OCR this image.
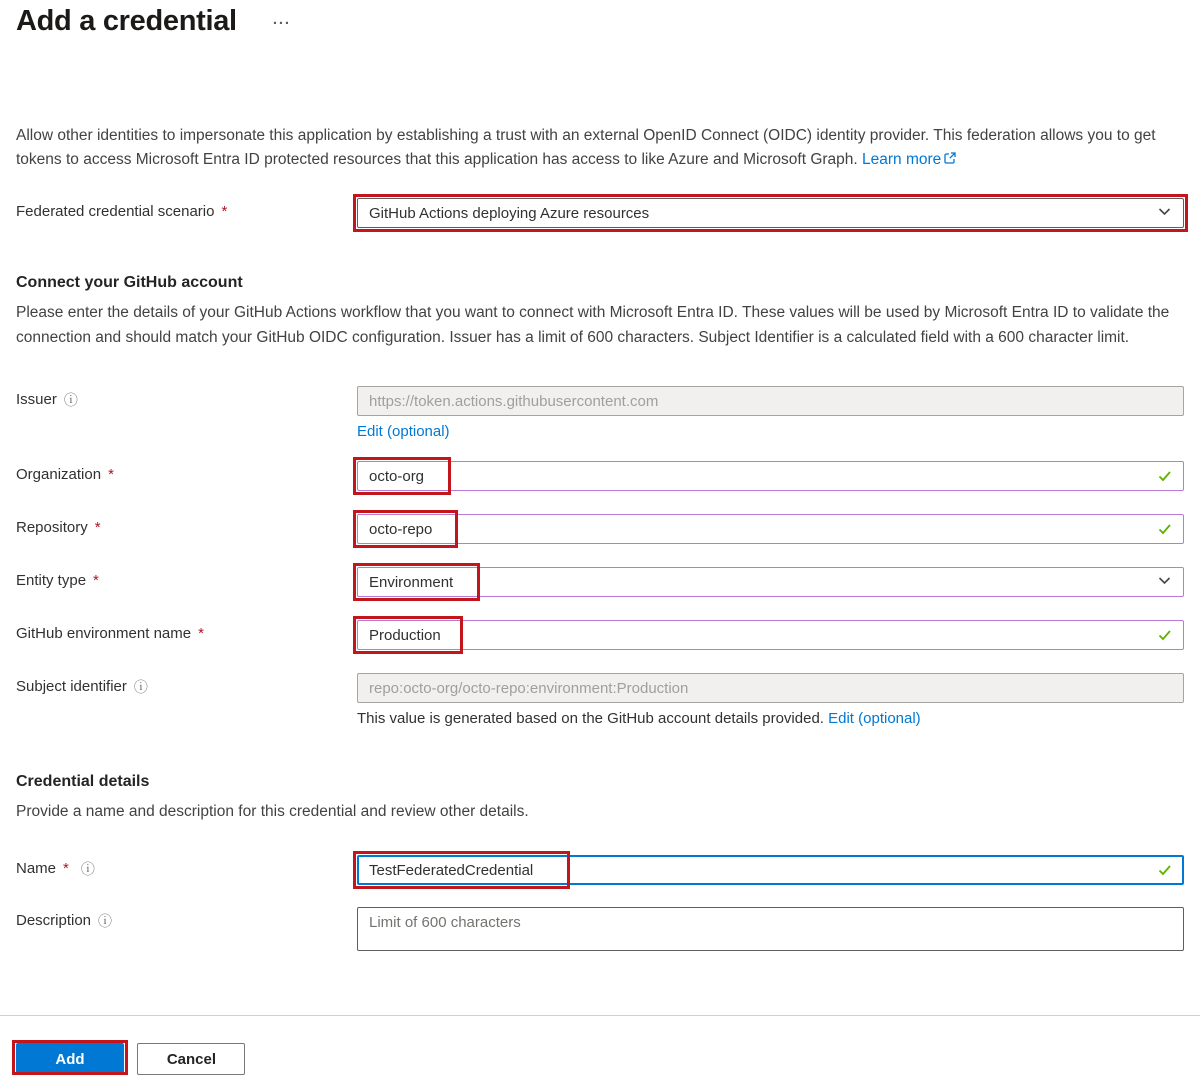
Add a credential ···
Allow other identities to impersonate this application by establishing a trust with an external OpenID Connect (OIDC) identity provider. This federation allows you to get tokens to access Microsoft Entra ID protected resources that this application has access to like Azure and Microsoft Graph. Learn more
Federated credential scenario *	GitHub Actions deploying Azure resources
Connect your GitHub account
Please enter the details of your GitHub Actions workflow that you want to connect with Microsoft Entra ID. These values will be used by Microsoft Entra ID to validate the connection and should match your GitHub OIDC configuration. Issuer has a limit of 600 characters. Subject Identifier is a calculated field with a 600 character limit.
Issuer ⓘ
https://token.actions.githubusercontent.com
Edit (optional)
Organization *
octo-org
Repository *
octo-repo
Entity type *	Environment
GitHub environment name *
Production
Subject identifier ⓘ
repo:octo-org/octo-repo:environment:Production
This value is generated based on the GitHub account details provided. Edit (optional)
Credential details
Provide a name and description for this credential and review other details.
Name * ⓘ
TestFederatedCredential
Description ⓘ
Limit of 600 characters
Add	Cancel
